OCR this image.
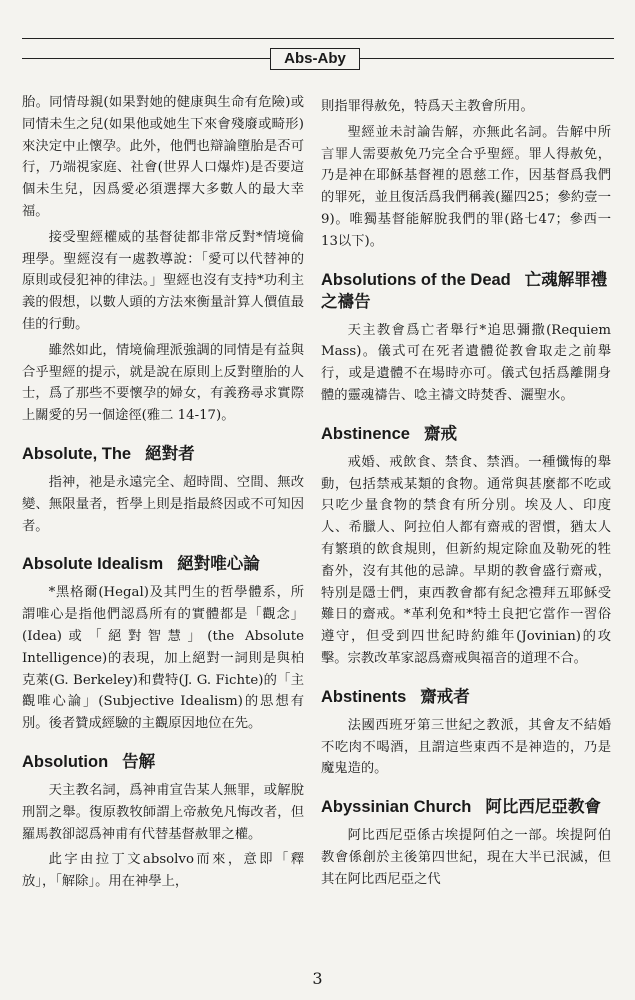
Abs-Aby

胎。同情母親(如果對她的健康與生命有危險)或同情未生之兒(如果他或她生下來會殘廢或畸形)來決定中止懷孕。此外，他們也辯論墮胎是否可行，乃端視家庭、社會(世界人口爆炸)是否要這個未生兒，因爲愛必須選擇大多數人的最大幸福。

接受聖經權威的基督徒都非常反對*情境倫理學。聖經沒有一處教導說：「愛可以代替神的原則或侵犯神的律法。」聖經也沒有支持*功利主義的假想，以數人頭的方法來衡量計算人價值最佳的行動。

雖然如此，情境倫理派強調的同情是有益與合乎聖經的提示，就是說在原則上反對墮胎的人士，爲了那些不要懷孕的婦女，有義務尋求實際上關愛的另一個途徑(雅二 14-17)。

Absolute, The 絕對者

指神，祂是永遠完全、超時間、空間、無改變、無限量者，哲學上則是指最終因或不可知因者。

Absolute Idealism 絕對唯心論

*黑格爾(Hegal)及其門生的哲學體系，所謂唯心是指他們認爲所有的實體都是「觀念」(Idea)或「絕對智慧」(the Absolute Intelligence)的表現，加上絕對一詞則是與柏克萊(G. Berkeley)和費特(J. G. Fichte)的「主觀唯心論」(Subjective Idealism)的思想有別。後者贊成經驗的主觀原因地位在先。

Absolution 告解

天主教名詞，爲神甫宣告某人無罪，或解脫刑罰之舉。復原教牧師謂上帝赦免凡悔改者，但羅馬教卻認爲神甫有代替基督赦罪之權。

此字由拉丁文absolvo而來，意即「釋放」，「解除」。用在神學上，

則指罪得赦免，特爲天主教會所用。

聖經並未討論告解，亦無此名詞。告解中所言罪人需要赦免乃完全合乎聖經。罪人得赦免，乃是神在耶穌基督裡的恩慈工作，因基督爲我們的罪死，並且復活爲我們稱義(羅四25；參約壹一9)。唯獨基督能解脫我們的罪(路七47；參西一13以下)。

Absolutions of the Dead 亡魂解罪禮之禱告

天主教會爲亡者舉行*追思彌撒(Requiem Mass)。儀式可在死者遺體從教會取走之前舉行，或是遺體不在場時亦可。儀式包括爲離開身體的靈魂禱告、唸主禱文時焚香、灑聖水。

Abstinence 齋戒

戒婚、戒飲食、禁食、禁酒。一種懺悔的舉動，包括禁戒某類的食物。通常與甚麼都不吃或只吃少量食物的禁食有所分別。埃及人、印度人、希臘人、阿拉伯人都有齋戒的習慣，猶太人有繁瑣的飲食規則，但新約規定除血及勒死的牲畜外，沒有其他的忌諱。早期的教會盛行齋戒，特別是隱士們，東西教會都有紀念禮拜五耶穌受難日的齋戒。*革利免和*特土良把它當作一習俗遵守，但受到四世紀時約維年(Jovinian)的攻擊。宗教改革家認爲齋戒與福音的道理不合。

Abstinents 齋戒者

法國西班牙第三世紀之教派，其會友不結婚不吃肉不喝酒，且謂這些東西不是神造的，乃是魔鬼造的。

Abyssinian Church 阿比西尼亞教會

阿比西尼亞係古埃提阿伯之一部。埃提阿伯教會係創於主後第四世紀，現在大半已泯滅，但其在阿比西尼亞之代

3
